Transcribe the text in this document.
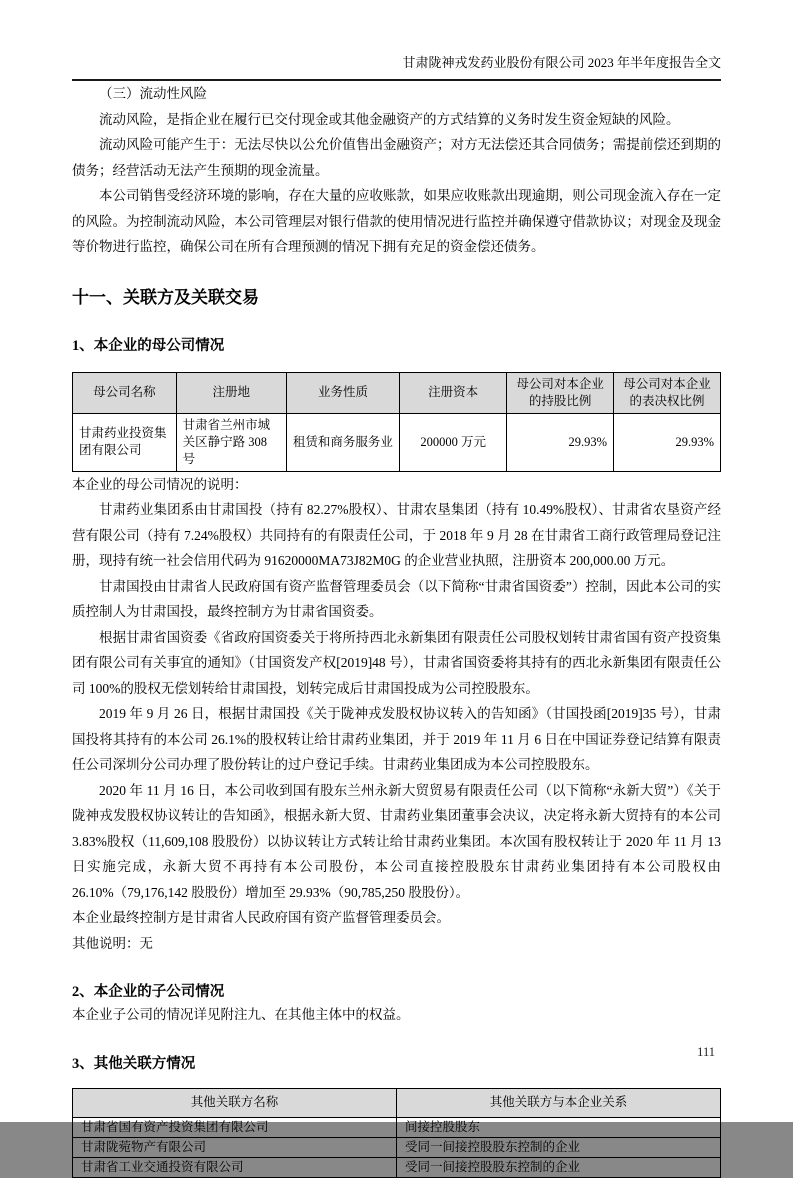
甘肃陇神戎发药业股份有限公司 2023 年半年度报告全文

（三）流动性风险

流动风险，是指企业在履行已交付现金或其他金融资产的方式结算的义务时发生资金短缺的风险。

流动风险可能产生于：无法尽快以公允价值售出金融资产；对方无法偿还其合同债务；需提前偿还到期的债务；经营活动无法产生预期的现金流量。

本公司销售受经济环境的影响，存在大量的应收账款，如果应收账款出现逾期，则公司现金流入存在一定的风险。为控制流动风险，本公司管理层对银行借款的使用情况进行监控并确保遵守借款协议；对现金及现金等价物进行监控，确保公司在所有合理预测的情况下拥有充足的资金偿还债务。

十一、关联方及关联交易
1、本企业的母公司情况
母公司名称	注册地	业务性质	注册资本	母公司对本企业的持股比例	母公司对本企业的表决权比例
甘肃药业投资集团有限公司	甘肃省兰州市城关区静宁路 308 号	租赁和商务服务业	200000 万元	29.93%	29.93%

本企业的母公司情况的说明：

甘肃药业集团系由甘肃国投（持有 82.27%股权）、甘肃农垦集团（持有 10.49%股权）、甘肃省农垦资产经营有限公司（持有 7.24%股权）共同持有的有限责任公司，于 2018 年 9 月 28 在甘肃省工商行政管理局登记注册，现持有统一社会信用代码为 91620000MA73J82M0G 的企业营业执照，注册资本 200,000.00 万元。

甘肃国投由甘肃省人民政府国有资产监督管理委员会（以下简称“甘肃省国资委”）控制，因此本公司的实质控制人为甘肃国投，最终控制方为甘肃省国资委。

根据甘肃省国资委《省政府国资委关于将所持西北永新集团有限责任公司股权划转甘肃省国有资产投资集团有限公司有关事宜的通知》（甘国资发产权[2019]48 号），甘肃省国资委将其持有的西北永新集团有限责任公司 100%的股权无偿划转给甘肃国投，划转完成后甘肃国投成为公司控股股东。

2019 年 9 月 26 日，根据甘肃国投《关于陇神戎发股权协议转入的告知函》（甘国投函[2019]35 号），甘肃国投将其持有的本公司 26.1%的股权转让给甘肃药业集团，并于 2019 年 11 月 6 日在中国证券登记结算有限责任公司深圳分公司办理了股份转让的过户登记手续。甘肃药业集团成为本公司控股股东。

2020 年 11 月 16 日，本公司收到国有股东兰州永新大贸贸易有限责任公司（以下简称“永新大贸”）《关于陇神戎发股权协议转让的告知函》，根据永新大贸、甘肃药业集团董事会决议，决定将永新大贸持有的本公司 3.83%股权（11,609,108 股股份）以协议转让方式转让给甘肃药业集团。本次国有股权转让于 2020 年 11 月 13 日实施完成，永新大贸不再持有本公司股份，本公司直接控股股东甘肃药业集团持有本公司股权由 26.10%（79,176,142 股股份）增加至 29.93%（90,785,250 股股份）。

本企业最终控制方是甘肃省人民政府国有资产监督管理委员会。

其他说明：无

2、本企业的子公司情况

本企业子公司的情况详见附注九、在其他主体中的权益。

3、其他关联方情况
其他关联方名称	其他关联方与本企业关系
甘肃省国有资产投资集团有限公司	间接控股股东
甘肃陇菀物产有限公司	受同一间接控股股东控制的企业
甘肃省工业交通投资有限公司	受同一间接控股股东控制的企业
111
